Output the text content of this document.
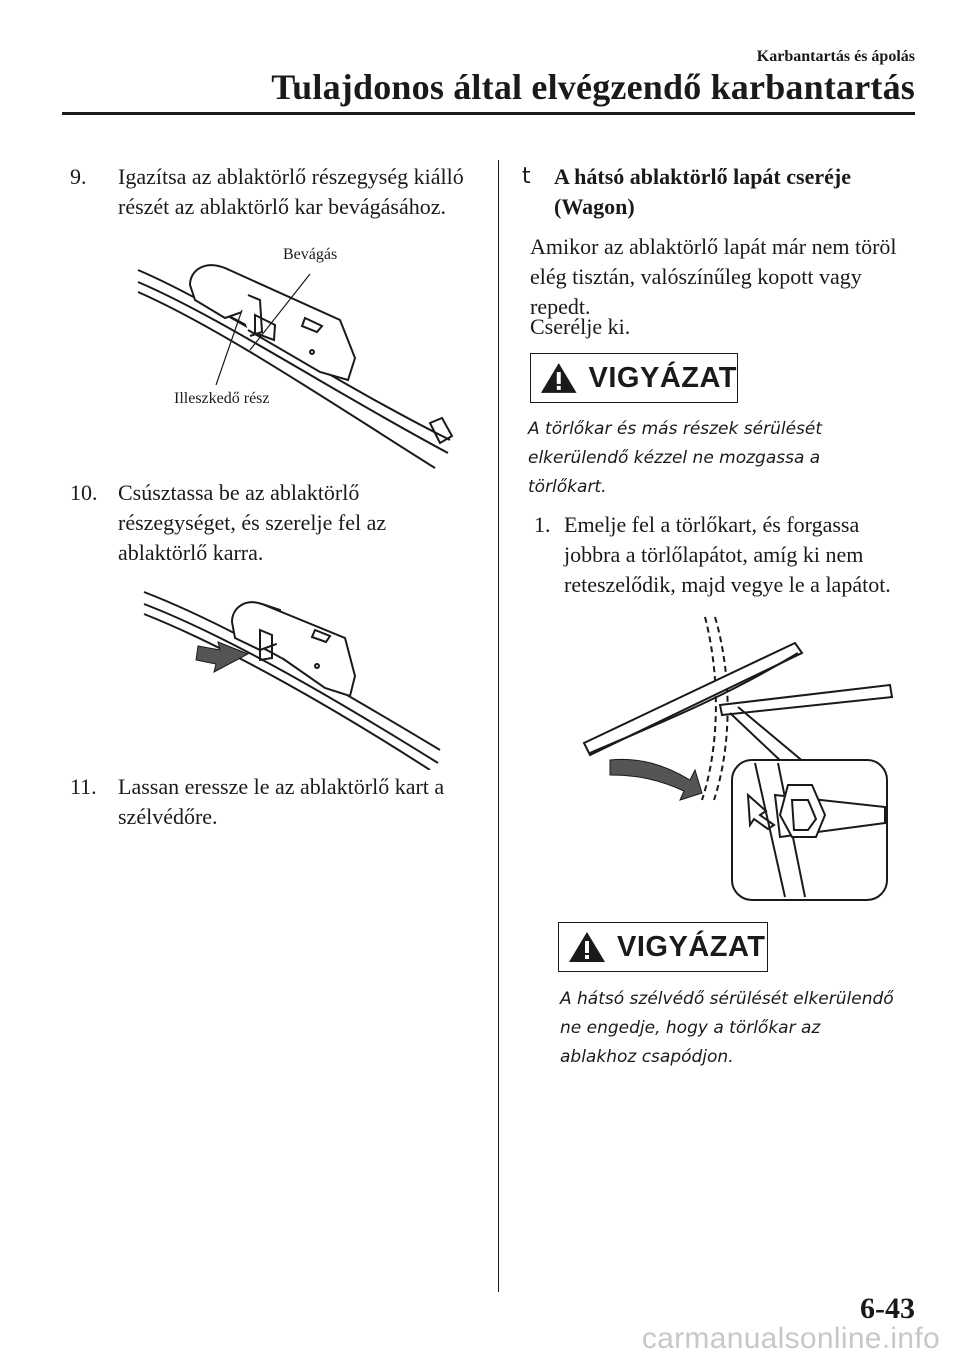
Karbantartás és ápolás
Tulajdonos által elvégzendő karbantartás
9. Igazítsa az ablaktörlő részegység kiálló részét az ablaktörlő kar bevágásához.
Bevágás
Illeszkedő rész
10. Csúsztassa be az ablaktörlő részegységet, és szerelje fel az ablaktörlő karra.
11. Lassan eressze le az ablaktörlő kart a szélvédőre.
t A hátsó ablaktörlő lapát cseréje (Wagon)
Amikor az ablaktörlő lapát már nem töröl elég tisztán, valószínűleg kopott vagy repedt.
Cserélje ki.
VIGYÁZAT
A törlőkar és más részek sérülését elkerülendő kézzel ne mozgassa a törlőkart.
1. Emelje fel a törlőkart, és forgassa jobbra a törlőlapátot, amíg ki nem reteszelődik, majd vegye le a lapátot.
VIGYÁZAT
A hátsó szélvédő sérülését elkerülendő ne engedje, hogy a törlőkar az ablakhoz csapódjon.
6-43
carmanualsonline.info
